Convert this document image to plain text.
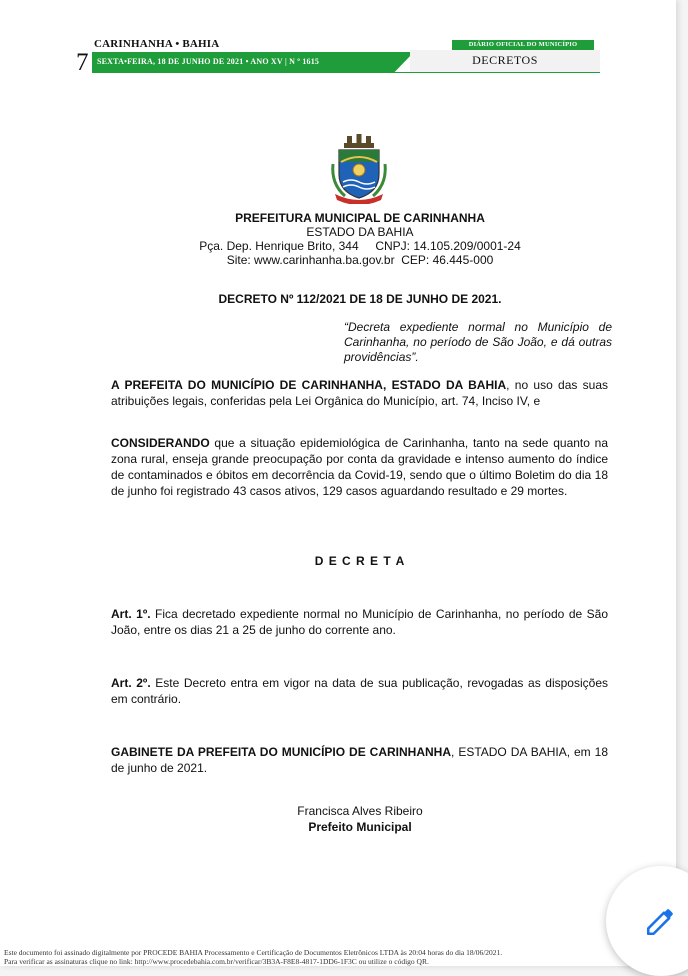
CARINHANHA • BAHIA
7 SEXTA•FEIRA, 18 DE JUNHO DE 2021 • ANO XV | N º 1615
DIÁRIO OFICIAL DO MUNICÍPIO
DECRETOS
PREFEITURA MUNICIPAL DE CARINHANHA
ESTADO DA BAHIA
Pça. Dep. Henrique Brito, 344     CNPJ: 14.105.209/0001-24
Site: www.carinhanha.ba.gov.br  CEP: 46.445-000
DECRETO Nº 112/2021 DE 18 DE JUNHO DE 2021.
“Decreta expediente normal no Município de Carinhanha, no período de São João, e dá outras providências”.
A PREFEITA DO MUNICÍPIO DE CARINHANHA, ESTADO DA BAHIA, no uso das suas atribuições legais, conferidas pela Lei Orgânica do Município, art. 74, Inciso IV, e
CONSIDERANDO que a situação epidemiológica de Carinhanha, tanto na sede quanto na zona rural, enseja grande preocupação por conta da gravidade e intenso aumento do índice de contaminados e óbitos em decorrência da Covid-19, sendo que o último Boletim do dia 18 de junho foi registrado 43 casos ativos, 129 casos aguardando resultado e 29 mortes.
D E C R E T A
Art. 1º. Fica decretado expediente normal no Município de Carinhanha, no período de São João, entre os dias 21 a 25 de junho do corrente ano.
Art. 2º. Este Decreto entra em vigor na data de sua publicação, revogadas as disposições em contrário.
GABINETE DA PREFEITA DO MUNICÍPIO DE CARINHANHA, ESTADO DA BAHIA, em 18 de junho de 2021.
Francisca Alves Ribeiro
Prefeito Municipal
Este documento foi assinado digitalmente por PROCEDE BAHIA Processamento e Certificação de Documentos Eletrônicos LTDA às 20:04 horas do dia 18/06/2021.
Para verificar as assinaturas clique no link: http://www.procedebahia.com.br/verificar/3B3A-F8E8-4817-1DD6-1F3C ou utilize o código QR.
